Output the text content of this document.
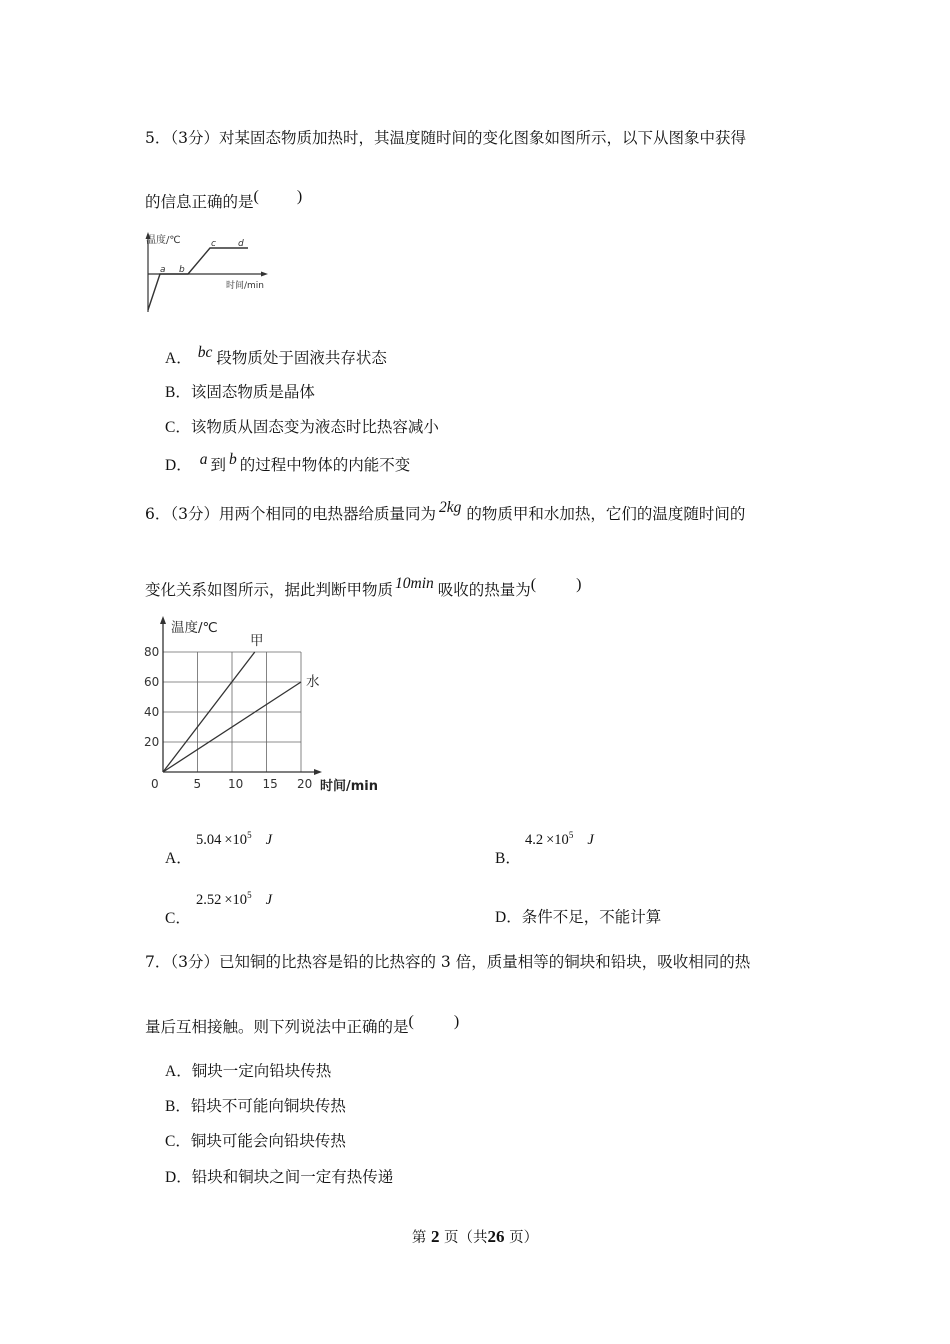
5．（3分）对某固态物质加热时，其温度随时间的变化图象如图所示，以下从图象中获得
的信息正确的是( )
温度/℃
a b
c d
时间/min
A． bc 段物质处于固液共存状态
B．该固态物质是晶体
C．该物质从固态变为液态时比热容减小
D． a 到 b 的过程中物体的内能不变
6．（3分）用两个相同的电热器给质量同为 2kg 的物质甲和水加热，它们的温度随时间的
变化关系如图所示，据此判断甲物质 10min 吸收的热量为(	)
0	5 10 15 20
20
40
60
80
温度/℃
时间/min
甲
水
A．
$5.04 \times 10^5$ J
B．
$4.2 \times 10^5$ J
C．
$2.52 \times 10^5$ J
D．条件不足，不能计算
7．（3分）已知铜的比热容是铅的比热容的 3 倍，质量相等的铜块和铅块，吸收相同的热
量后互相接触。则下列说法中正确的是(	)
A．铜块一定向铅块传热
B．铅块不可能向铜块传热
C．铜块可能会向铅块传热
D．铅块和铜块之间一定有热传递
第 2 页（共26 页）
